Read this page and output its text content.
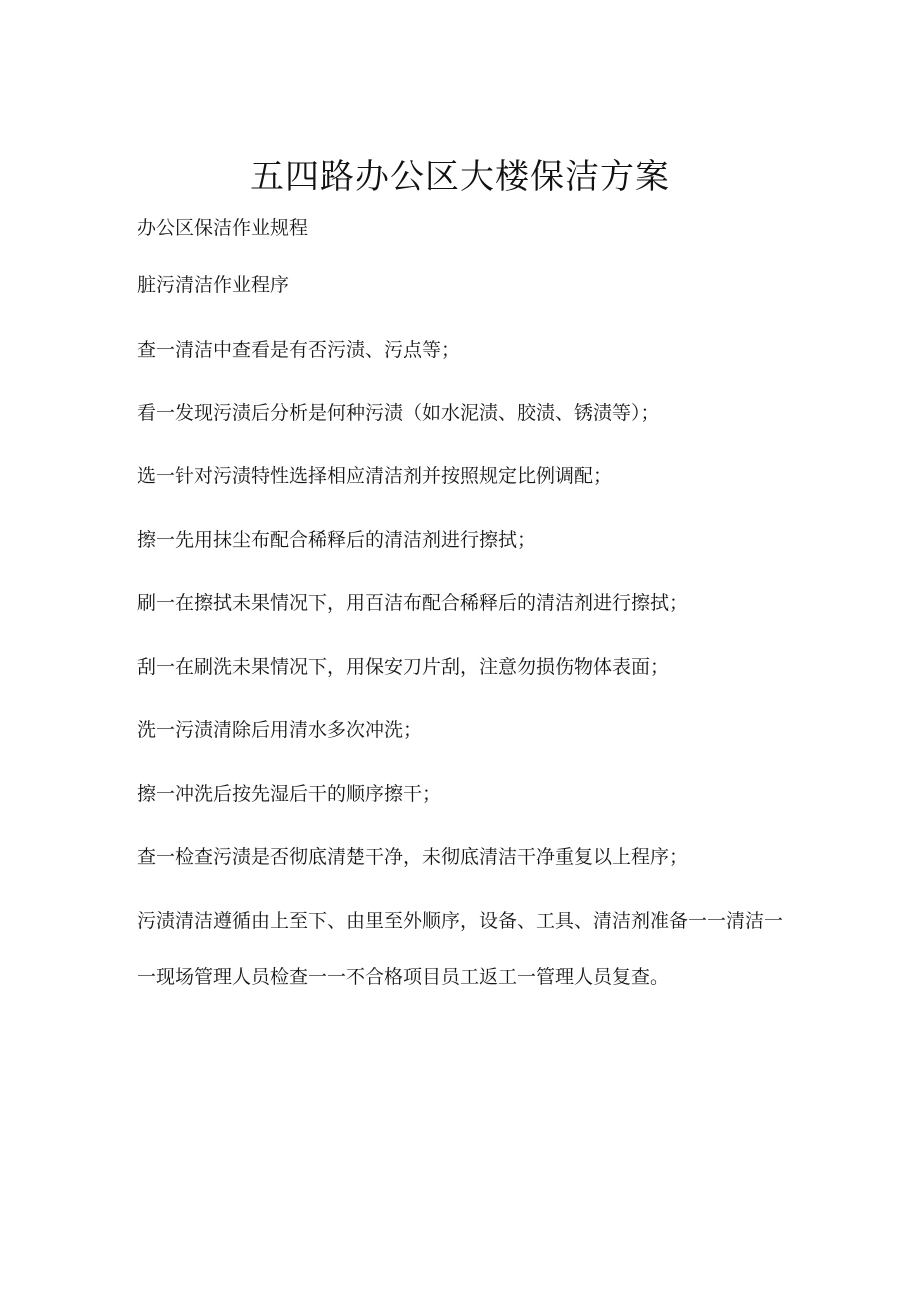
五四路办公区大楼保洁方案
办公区保洁作业规程
脏污清洁作业程序
查一清洁中查看是有否污渍、污点等；
看一发现污渍后分析是何种污渍（如水泥渍、胶渍、锈渍等）；
选一针对污渍特性选择相应清洁剂并按照规定比例调配；
擦一先用抹尘布配合稀释后的清洁剂进行擦拭；
刷一在擦拭未果情况下，用百洁布配合稀释后的清洁剂进行擦拭；
刮一在刷洗未果情况下，用保安刀片刮，注意勿损伤物体表面；
洗一污渍清除后用清水多次冲洗；
擦一冲洗后按先湿后干的顺序擦干；
查一检查污渍是否彻底清楚干净，未彻底清洁干净重复以上程序；
污渍清洁遵循由上至下、由里至外顺序，设备、工具、清洁剂准备一一清洁一一现场管理人员检查一一不合格项目员工返工一管理人员复查。
